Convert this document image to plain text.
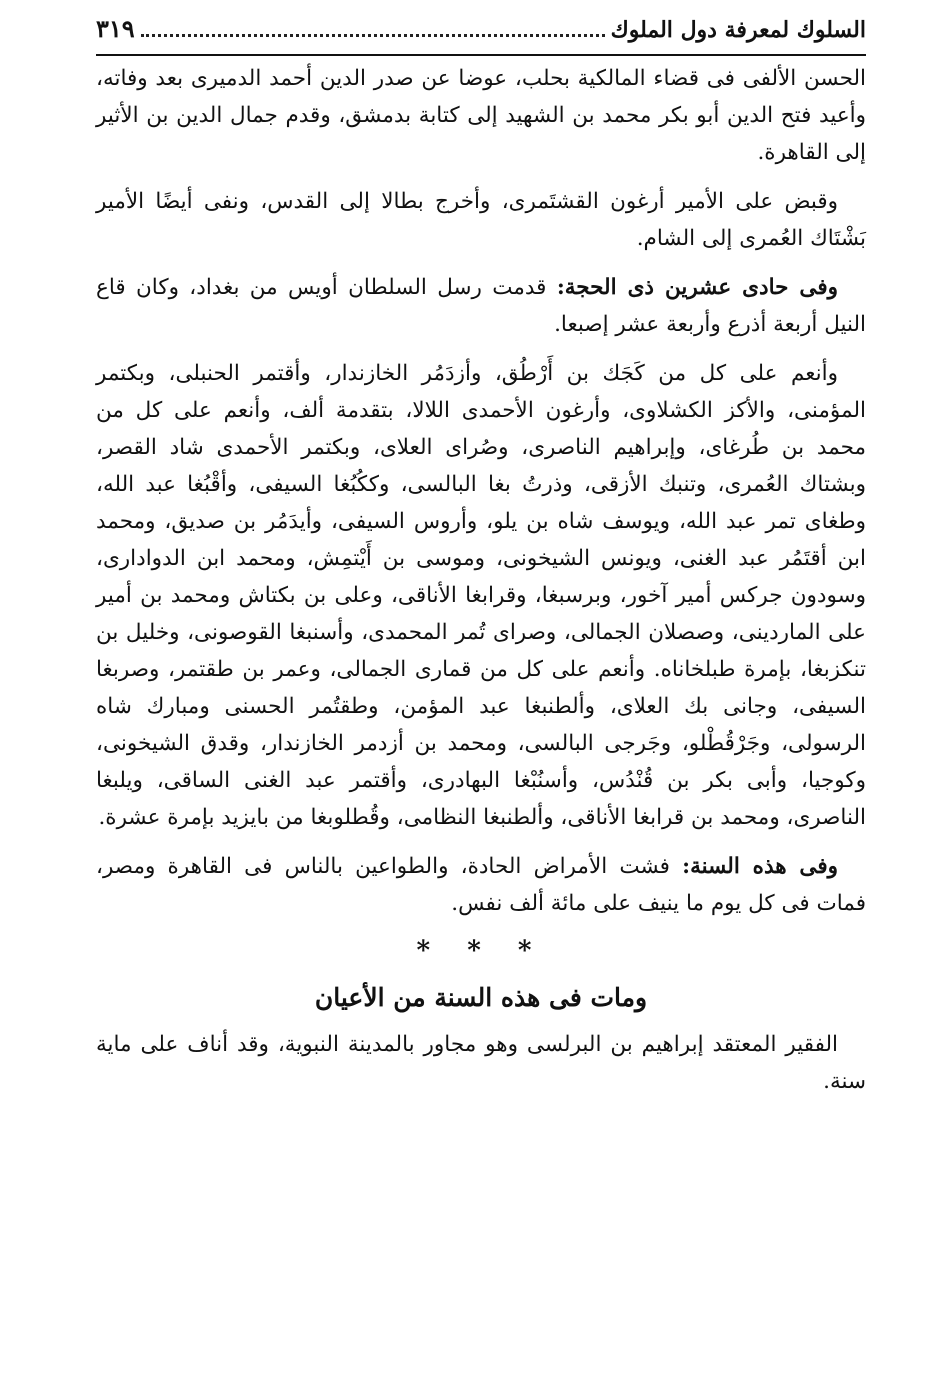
السلوك لمعرفة دول الملوك
٣١٩

الحسن الألفى فى قضاء المالكية بحلب، عوضا عن صدر الدين أحمد الدميرى بعد وفاته، وأعيد فتح الدين أبو بكر محمد بن الشهيد إلى كتابة بدمشق، وقدم جمال الدين بن الأثير إلى القاهرة.

وقبض على الأمير أرغون القشتَمرى، وأخرج بطالا إلى القدس، ونفى أيضًا الأمير بَشْتَاك العُمرى إلى الشام.

وفى حادى عشرين ذى الحجة: قدمت رسل السلطان أويس من بغداد، وكان قاع النيل أربعة أذرع وأربعة عشر إصبعا.

وأنعم على كل من كَجَك بن أَرْطُق، وأزدَمُر الخازندار، وأقتمر الحنبلى، وبكتمر المؤمنى، والأكز الكشلاوى، وأرغون الأحمدى اللالا، بتقدمة ألف، وأنعم على كل من محمد بن طُرغاى، وإبراهيم الناصرى، وصُراى العلاى، وبكتمر الأحمدى شاد القصر، وبشتاك العُمرى، وتنبك الأزقى، وذرتُ بغا البالسى، وككُبُغا السيفى، وأقْبُغا عبد الله، وطغاى تمر عبد الله، ويوسف شاه بن يلو، وأروس السيفى، وأيدَمُر بن صديق، ومحمد ابن أقتَمُر عبد الغنى، ويونس الشيخونى، وموسى بن أَيْتمِش، ومحمد ابن الدوادارى، وسودون جركس أمير آخور، وبرسبغا، وقرابغا الأناقى، وعلى بن بكتاش ومحمد بن أمير على الماردينى، وصصلان الجمالى، وصراى تُمر المحمدى، وأسنبغا القوصونى، وخليل بن تنكزبغا، بإمرة طبلخاناه. وأنعم على كل من قمارى الجمالى، وعمر بن طقتمر، وصربغا السيفى، وجانى بك العلاى، وألطنبغا عبد المؤمن، وطقتُمر الحسنى ومبارك شاه الرسولى، وجَرْقُطْلو، وجَرجى البالسى، ومحمد بن أزدمر الخازندار، وقدق الشيخونى، وكوجيا، وأبى بكر بن قُنْدُس، وأسنُبْغا البهادرى، وأقتمر عبد الغنى الساقى، ويلبغا الناصرى، ومحمد بن قرابغا الأناقى، وألطنبغا النظامى، وقُطلوبغا من بايزيد بإمرة عشرة.

وفى هذه السنة: فشت الأمراض الحادة، والطواعين بالناس فى القاهرة ومصر، فمات فى كل يوم ما ينيف على مائة ألف نفس.

* * *
ومات فى هذه السنة من الأعيان

الفقير المعتقد إبراهيم بن البرلسى وهو مجاور بالمدينة النبوية، وقد أناف على ماية سنة.
